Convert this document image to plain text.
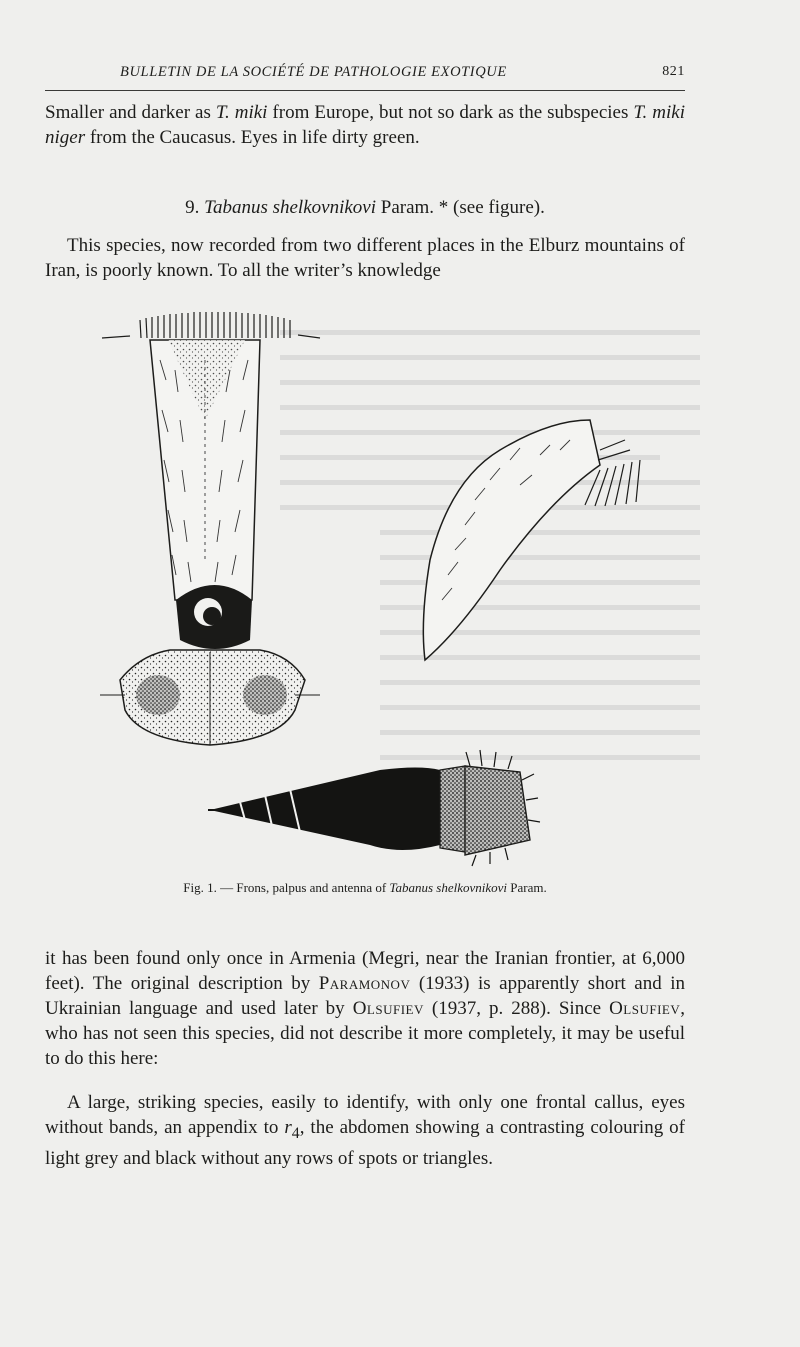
BULLETIN DE LA SOCIÉTÉ DE PATHOLOGIE EXOTIQUE	821
Smaller and darker as T. miki from Europe, but not so dark as the subspecies T. miki niger from the Caucasus. Eyes in life dirty green.
9. Tabanus shelkovnikovi Param. * (see figure).
This species, now recorded from two different places in the Elburz mountains of Iran, is poorly known. To all the writer’s knowledge
Fig. 1. — Frons, palpus and antenna of Tabanus shelkovnikovi Param.
it has been found only once in Armenia (Megri, near the Iranian frontier, at 6,000 feet). The original description by Paramonov (1933) is apparently short and in Ukrainian language and used later by Olsufiev (1937, p. 288). Since Olsufiev, who has not seen this species, did not describe it more completely, it may be useful to do this here:
A large, striking species, easily to identify, with only one frontal callus, eyes without bands, an appendix to $r_4$, the abdomen showing a contrasting colouring of light grey and black without any rows of spots or triangles.
